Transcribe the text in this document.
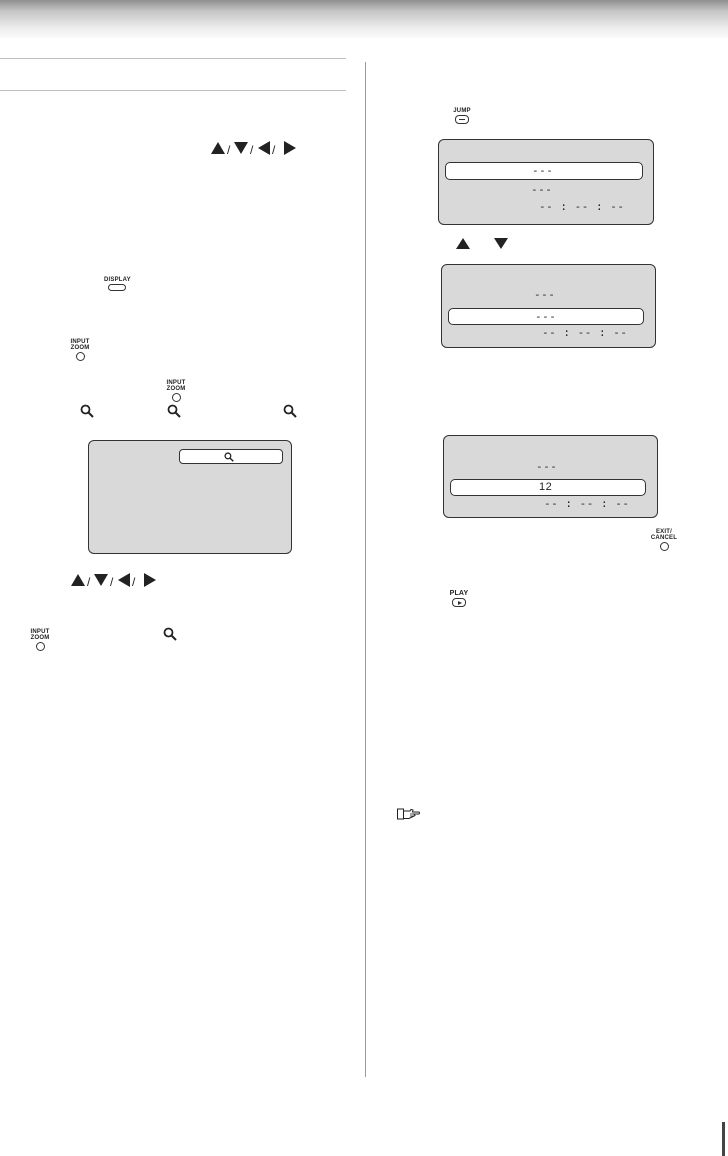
/ / /
DISPLAY
INPUT
ZOOM
INPUT
ZOOM
/ / /
INPUT
ZOOM
JUMP
---
---
-- : -- : --
---
---
-- : -- : --
---
12
-- : -- : --
EXIT/
CANCEL
PLAY
